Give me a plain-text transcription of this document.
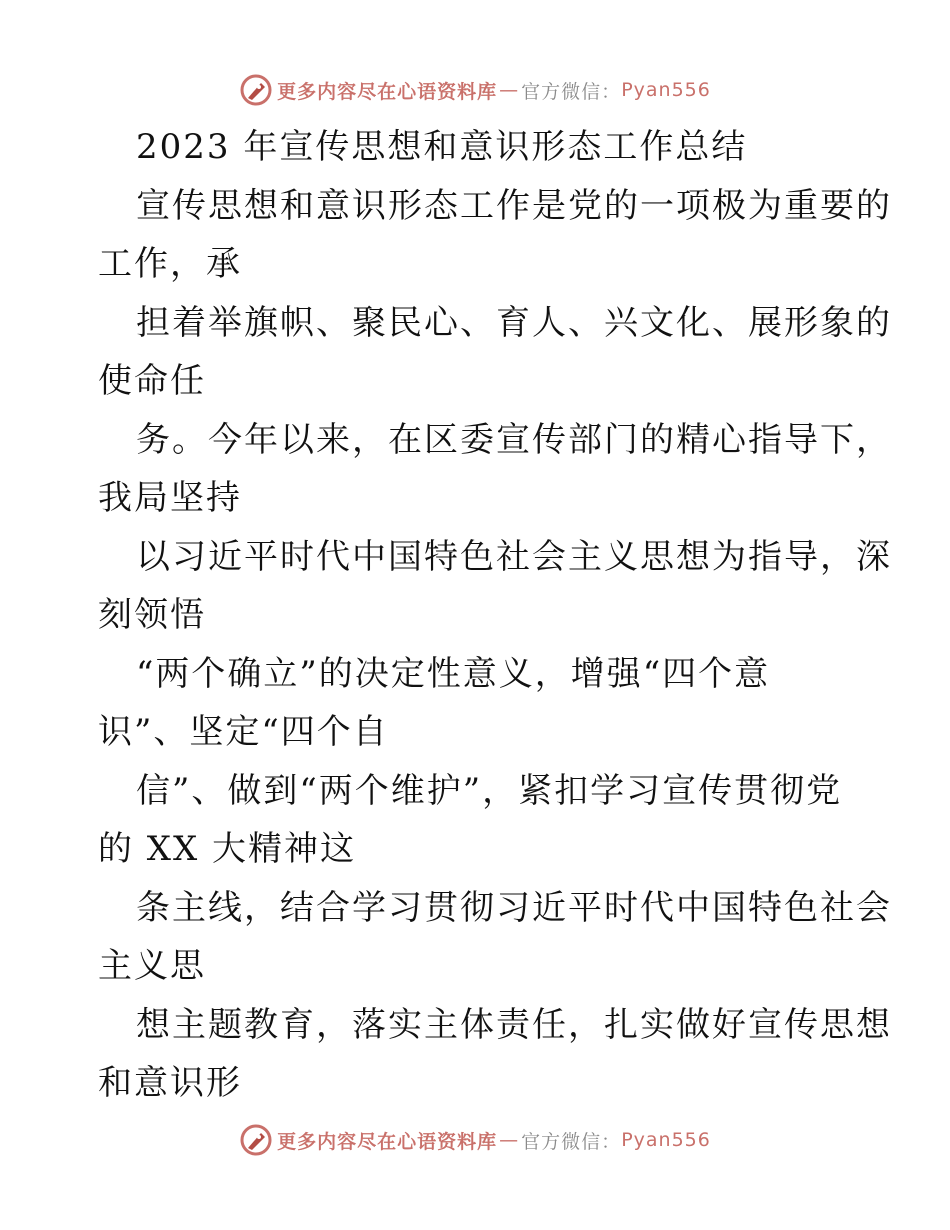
更多内容尽在心语资料库 — 官方微信： Pyan556
2023 年宣传思想和意识形态工作总结
宣传思想和意识形态工作是党的一项极为重要的
工作，承
担着举旗帜、聚民心、育人、兴文化、展形象的
使命任
务。今年以来，在区委宣传部门的精心指导下，
我局坚持
以习近平时代中国特色社会主义思想为指导，深
刻领悟
“两个确立”的决定性意义，增强“四个意
识”、坚定“四个自
信”、做到“两个维护”，紧扣学习宣传贯彻党
的 XX 大精神这
条主线，结合学习贯彻习近平时代中国特色社会
主义思
想主题教育，落实主体责任，扎实做好宣传思想
和意识形
更多内容尽在心语资料库 — 官方微信： Pyan556
